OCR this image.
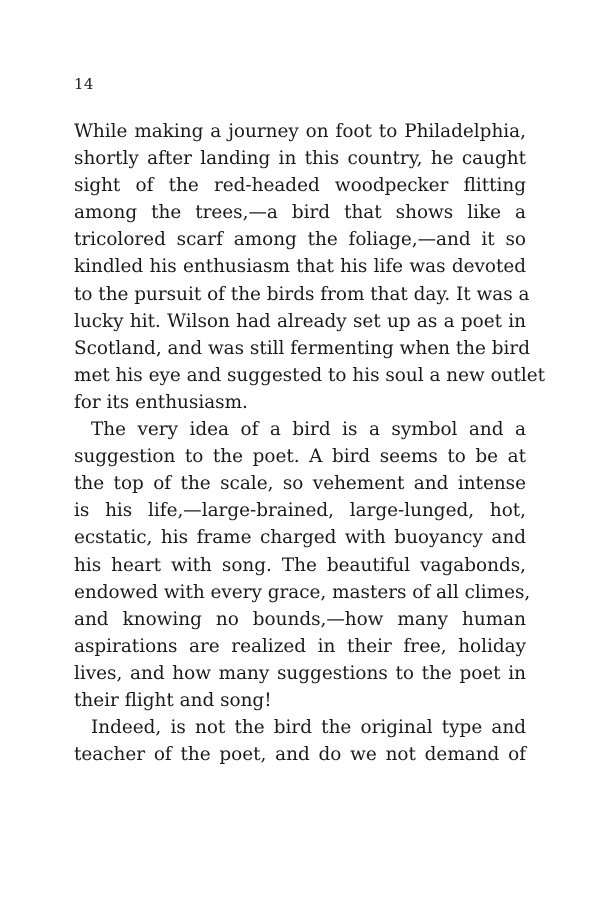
14

While making a journey on foot to Philadelphia,
shortly after landing in this country, he caught
sight of the red-headed woodpecker flitting
among the trees,—a bird that shows like a
tricolored scarf among the foliage,—and it so
kindled his enthusiasm that his life was devoted
to the pursuit of the birds from that day. It was a
lucky hit. Wilson had already set up as a poet in
Scotland, and was still fermenting when the bird
met his eye and suggested to his soul a new outlet
for its enthusiasm.

The very idea of a bird is a symbol and a
suggestion to the poet. A bird seems to be at
the top of the scale, so vehement and intense
is his life,—large-brained, large-lunged, hot,
ecstatic, his frame charged with buoyancy and
his heart with song. The beautiful vagabonds,
endowed with every grace, masters of all climes,
and knowing no bounds,—how many human
aspirations are realized in their free, holiday
lives, and how many suggestions to the poet in
their flight and song!

Indeed, is not the bird the original type and
teacher of the poet, and do we not demand of
